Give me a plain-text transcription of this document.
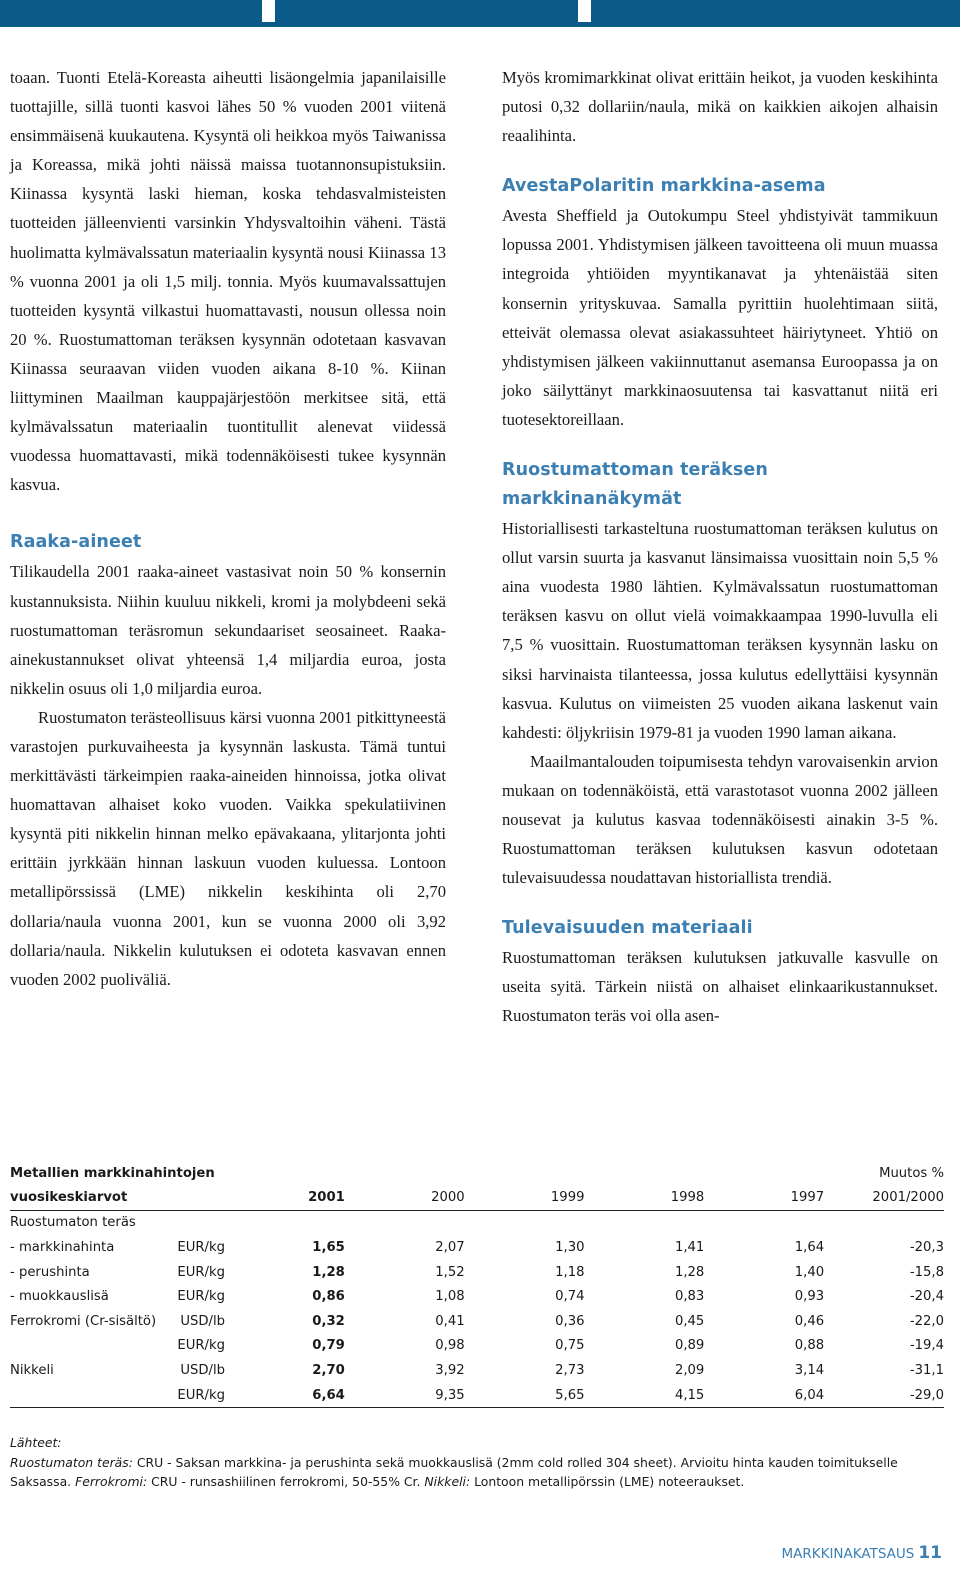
toaan. Tuonti Etelä-Koreasta aiheutti lisäongelmia japanilaisille tuottajille, sillä tuonti kasvoi lähes 50 % vuoden 2001 viitenä ensimmäisenä kuukautena. Kysyntä oli heikkoa myös Taiwanissa ja Koreassa, mikä johti näissä maissa tuotannonsupistuksiin. Kiinassa kysyntä laski hieman, koska tehdasvalmisteisten tuotteiden jälleenvienti varsinkin Yhdysvaltoihin väheni. Tästä huolimatta kylmävalssatun materiaalin kysyntä nousi Kiinassa 13 % vuonna 2001 ja oli 1,5 milj. tonnia. Myös kuumavalssattujen tuotteiden kysyntä vilkastui huomattavasti, nousun ollessa noin 20 %. Ruostumattoman teräksen kysynnän odotetaan kasvavan Kiinassa seuraavan viiden vuoden aikana 8-10 %. Kiinan liittyminen Maailman kauppajärjestöön merkitsee sitä, että kylmävalssatun materiaalin tuontitullit alenevat viidessä vuodessa huomattavasti, mikä todennäköisesti tukee kysynnän kasvua.

Raaka-aineet

Tilikaudella 2001 raaka-aineet vastasivat noin 50 % konsernin kustannuksista. Niihin kuuluu nikkeli, kromi ja molybdeeni sekä ruostumattoman teräsromun sekundaariset seosaineet. Raaka-ainekustannukset olivat yhteensä 1,4 miljardia euroa, josta nikkelin osuus oli 1,0 miljardia euroa.

Ruostumaton terästeollisuus kärsi vuonna 2001 pitkittyneestä varastojen purkuvaiheesta ja kysynnän laskusta. Tämä tuntui merkittävästi tärkeimpien raaka-aineiden hinnoissa, jotka olivat huomattavan alhaiset koko vuoden. Vaikka spekulatiivinen kysyntä piti nikkelin hinnan melko epävakaana, ylitarjonta johti erittäin jyrkkään hinnan laskuun vuoden kuluessa. Lontoon metallipörssissä (LME) nikkelin keskihinta oli 2,70 dollaria/naula vuonna 2001, kun se vuonna 2000 oli 3,92 dollaria/naula. Nikkelin kulutuksen ei odoteta kasvavan ennen vuoden 2002 puoliväliä.

Myös kromimarkkinat olivat erittäin heikot, ja vuoden keskihinta putosi 0,32 dollariin/naula, mikä on kaikkien aikojen alhaisin reaalihinta.

AvestaPolaritin markkina-asema

Avesta Sheffield ja Outokumpu Steel yhdistyivät tammikuun lopussa 2001. Yhdistymisen jälkeen tavoitteena oli muun muassa integroida yhtiöiden myyntikanavat ja yhtenäistää siten konsernin yrityskuvaa. Samalla pyrittiin huolehtimaan siitä, etteivät olemassa olevat asiakassuhteet häiriytyneet. Yhtiö on yhdistymisen jälkeen vakiinnuttanut asemansa Euroopassa ja on joko säilyttänyt markkinaosuutensa tai kasvattanut niitä eri tuotesektoreillaan.

Ruostumattoman teräksen markkinanäkymät

Historiallisesti tarkasteltuna ruostumattoman teräksen kulutus on ollut varsin suurta ja kasvanut länsimaissa vuosittain noin 5,5 % aina vuodesta 1980 lähtien. Kylmävalssatun ruostumattoman teräksen kasvu on ollut vielä voimakkaampaa 1990-luvulla eli 7,5 % vuosittain. Ruostumattoman teräksen kysynnän lasku on siksi harvinaista tilanteessa, jossa kulutus edellyttäisi kysynnän kasvua. Kulutus on viimeisten 25 vuoden aikana laskenut vain kahdesti: öljykriisin 1979-81 ja vuoden 1990 laman aikana.

Maailmantalouden toipumisesta tehdyn varovaisenkin arvion mukaan on todennäköistä, että varastotasot vuonna 2002 jälleen nousevat ja kulutus kasvaa todennäköisesti ainakin 3-5 %. Ruostumattoman teräksen kulutuksen kasvun odotetaan tulevaisuudessa noudattavan historiallista trendiä.

Tulevaisuuden materiaali

Ruostumattoman teräksen kulutuksen jatkuvalle kasvulle on useita syitä. Tärkein niistä on alhaiset elinkaarikustannukset. Ruostumaton teräs voi olla asen-

Metallien markkinahintojen							Muutos %
vuosikeskiarvot		2001	2000	1999	1998	1997	2001/2000
Ruostumaton teräs							
- markkinahinta	EUR/kg	1,65	2,07	1,30	1,41	1,64	-20,3
- perushinta	EUR/kg	1,28	1,52	1,18	1,28	1,40	-15,8
- muokkauslisä	EUR/kg	0,86	1,08	0,74	0,83	0,93	-20,4
Ferrokromi (Cr-sisältö)	USD/lb	0,32	0,41	0,36	0,45	0,46	-22,0
	EUR/kg	0,79	0,98	0,75	0,89	0,88	-19,4
Nikkeli	USD/lb	2,70	3,92	2,73	2,09	3,14	-31,1
	EUR/kg	6,64	9,35	5,65	4,15	6,04	-29,0
Lähteet:
Ruostumaton teräs: CRU - Saksan markkina- ja perushinta sekä muokkauslisä (2mm cold rolled 304 sheet). Arvioitu hinta kauden toimitukselle Saksassa. Ferrokromi: CRU - runsashiilinen ferrokromi, 50-55% Cr. Nikkeli: Lontoon metallipörssin (LME) noteeraukset.
MARKKINAKATSAUS 11
